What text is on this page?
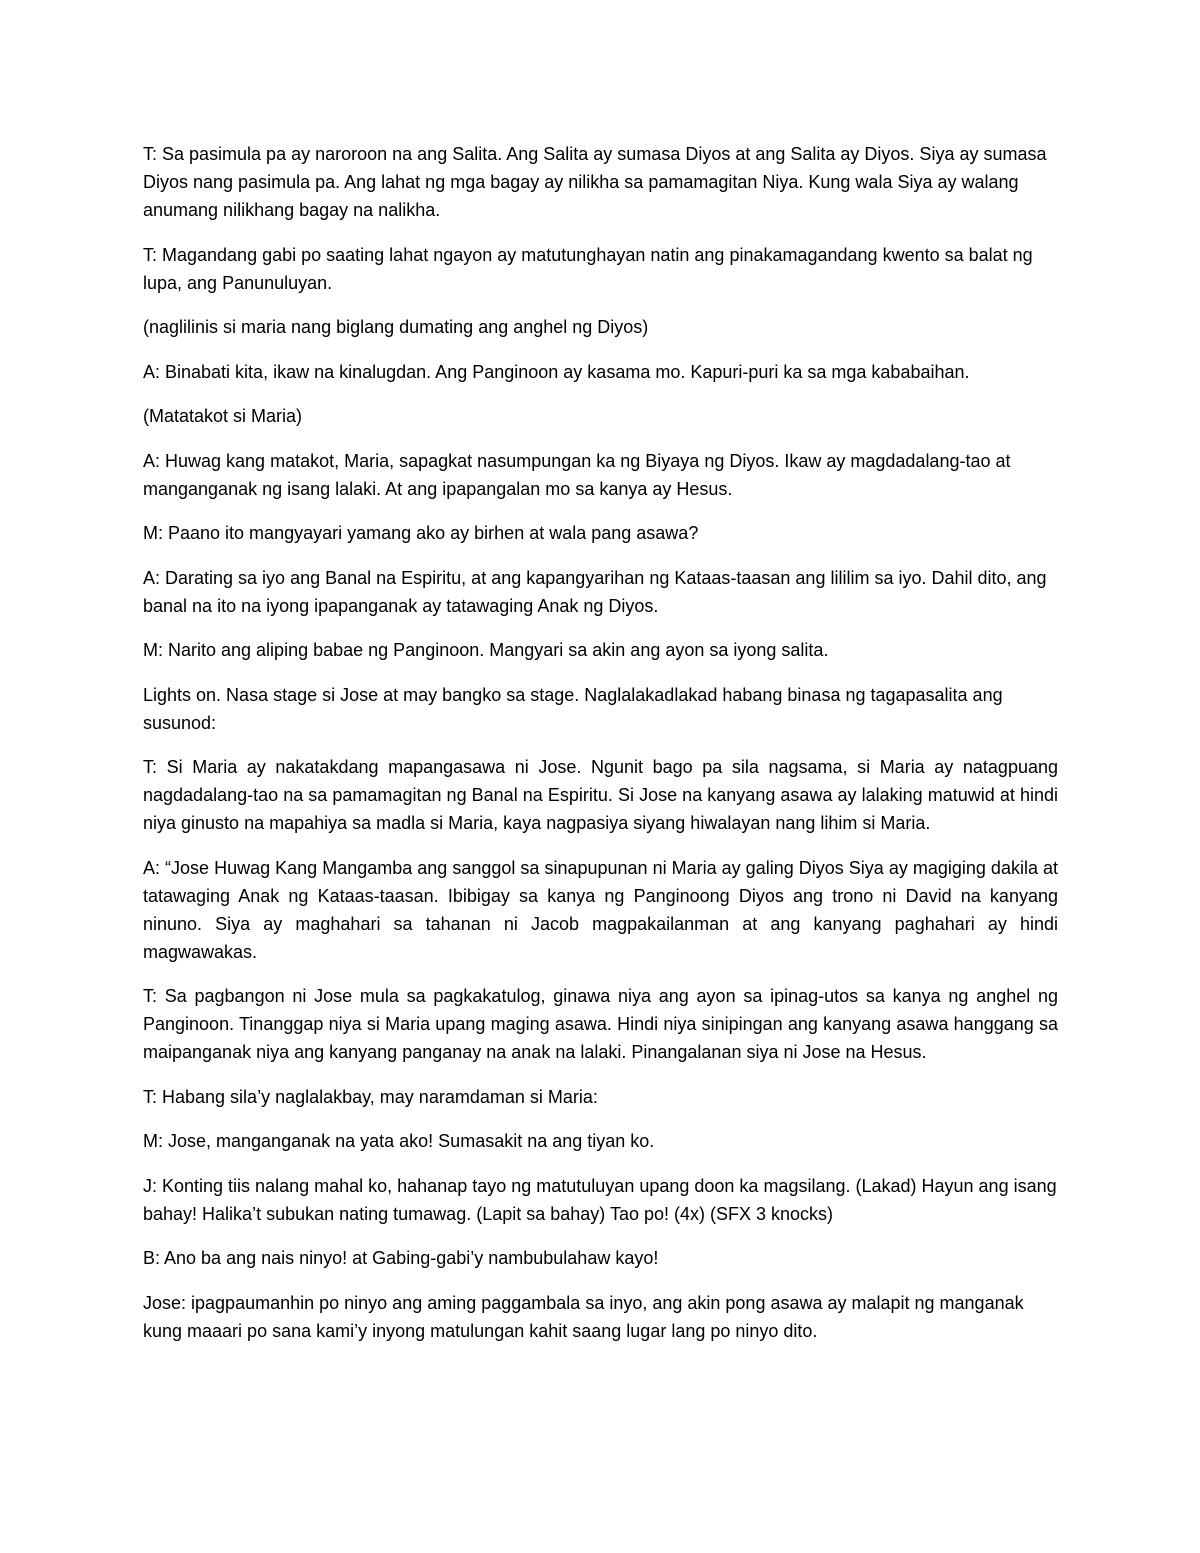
T: Sa pasimula pa ay naroroon na ang Salita. Ang Salita ay sumasa Diyos at ang Salita ay Diyos. Siya ay sumasa Diyos nang pasimula pa. Ang lahat ng mga bagay ay nilikha sa pamamagitan Niya. Kung wala Siya ay walang anumang nilikhang bagay na nalikha.

T: Magandang gabi po saating lahat ngayon ay matutunghayan natin ang pinakamagandang kwento sa balat ng lupa, ang Panunuluyan.

(naglilinis si maria nang biglang dumating ang anghel ng Diyos)

A: Binabati kita, ikaw na kinalugdan. Ang Panginoon ay kasama mo. Kapuri-puri ka sa mga kababaihan.

(Matatakot si Maria)

A: Huwag kang matakot, Maria, sapagkat nasumpungan ka ng Biyaya ng Diyos. Ikaw ay magdadalang-tao at manganganak ng isang lalaki. At ang ipapangalan mo sa kanya ay Hesus.

M: Paano ito mangyayari yamang ako ay birhen at wala pang asawa?

A: Darating sa iyo ang Banal na Espiritu, at ang kapangyarihan ng Kataas-taasan ang lililim sa iyo. Dahil dito, ang banal na ito na iyong ipapanganak ay tatawaging Anak ng Diyos.

M: Narito ang aliping babae ng Panginoon. Mangyari sa akin ang ayon sa iyong salita.

Lights on. Nasa stage si Jose at may bangko sa stage. Naglalakadlakad habang binasa ng tagapasalita ang susunod:

T: Si Maria ay nakatakdang mapangasawa ni Jose. Ngunit bago pa sila nagsama, si Maria ay natagpuang nagdadalang-tao na sa pamamagitan ng Banal na Espiritu. Si Jose na kanyang asawa ay lalaking matuwid at hindi niya ginusto na mapahiya sa madla si Maria, kaya nagpasiya siyang hiwalayan nang lihim si Maria.

A: “Jose Huwag Kang Mangamba ang sanggol sa sinapupunan ni Maria ay galing Diyos Siya ay magiging dakila at tatawaging Anak ng Kataas-taasan. Ibibigay sa kanya ng Panginoong Diyos ang trono ni David na kanyang ninuno. Siya ay maghahari sa tahanan ni Jacob magpakailanman at ang kanyang paghahari ay hindi magwawakas.

T: Sa pagbangon ni Jose mula sa pagkakatulog, ginawa niya ang ayon sa ipinag-utos sa kanya ng anghel ng Panginoon. Tinanggap niya si Maria upang maging asawa. Hindi niya sinipingan ang kanyang asawa hanggang sa maipanganak niya ang kanyang panganay na anak na lalaki. Pinangalanan siya ni Jose na Hesus.

T: Habang sila’y naglalakbay, may naramdaman si Maria:

M: Jose, manganganak na yata ako! Sumasakit na ang tiyan ko.

J: Konting tiis nalang mahal ko, hahanap tayo ng matutuluyan upang doon ka magsilang. (Lakad) Hayun ang isang bahay! Halika’t subukan nating tumawag. (Lapit sa bahay) Tao po! (4x) (SFX 3 knocks)

B: Ano ba ang nais ninyo! at Gabing-gabi’y nambubulahaw kayo!

Jose: ipagpaumanhin po ninyo ang aming paggambala sa inyo, ang akin pong asawa ay malapit ng manganak kung maaari po sana kami’y inyong matulungan kahit saang lugar lang po ninyo dito.
